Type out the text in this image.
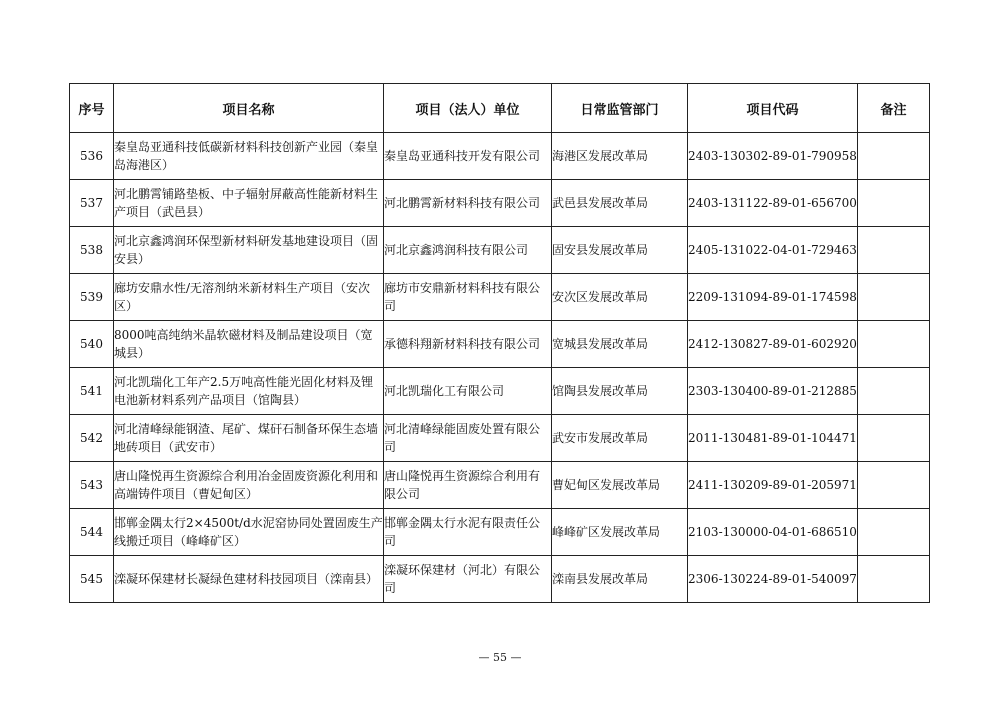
序号	项目名称	项目（法人）单位	日常监管部门	项目代码	备注
536	秦皇岛亚通科技低碳新材料科技创新产业园（秦皇岛海港区）	秦皇岛亚通科技开发有限公司	海港区发展改革局	2403-130302-89-01-790958	
537	河北鹏霄铺路垫板、中子辐射屏蔽高性能新材料生产项目（武邑县）	河北鹏霄新材料科技有限公司	武邑县发展改革局	2403-131122-89-01-656700	
538	河北京鑫鸿润环保型新材料研发基地建设项目（固安县）	河北京鑫鸿润科技有限公司	固安县发展改革局	2405-131022-04-01-729463	
539	廊坊安鼎水性/无溶剂纳米新材料生产项目（安次区）	廊坊市安鼎新材料科技有限公司	安次区发展改革局	2209-131094-89-01-174598	
540	8000吨高纯纳米晶软磁材料及制品建设项目（宽城县）	承德科翔新材料科技有限公司	宽城县发展改革局	2412-130827-89-01-602920	
541	河北凯瑞化工年产2.5万吨高性能光固化材料及锂电池新材料系列产品项目（馆陶县）	河北凯瑞化工有限公司	馆陶县发展改革局	2303-130400-89-01-212885	
542	河北清峰绿能钢渣、尾矿、煤矸石制备环保生态墙地砖项目（武安市）	河北清峰绿能固废处置有限公司	武安市发展改革局	2011-130481-89-01-104471	
543	唐山隆悦再生资源综合利用冶金固废资源化利用和高端铸件项目（曹妃甸区）	唐山隆悦再生资源综合利用有限公司	曹妃甸区发展改革局	2411-130209-89-01-205971	
544	邯郸金隅太行2×4500t/d水泥窑协同处置固废生产线搬迁项目（峰峰矿区）	邯郸金隅太行水泥有限责任公司	峰峰矿区发展改革局	2103-130000-04-01-686510	
545	滦凝环保建材长凝绿色建材科技园项目（滦南县）	滦凝环保建材（河北）有限公司	滦南县发展改革局	2306-130224-89-01-540097	
— 55 —
